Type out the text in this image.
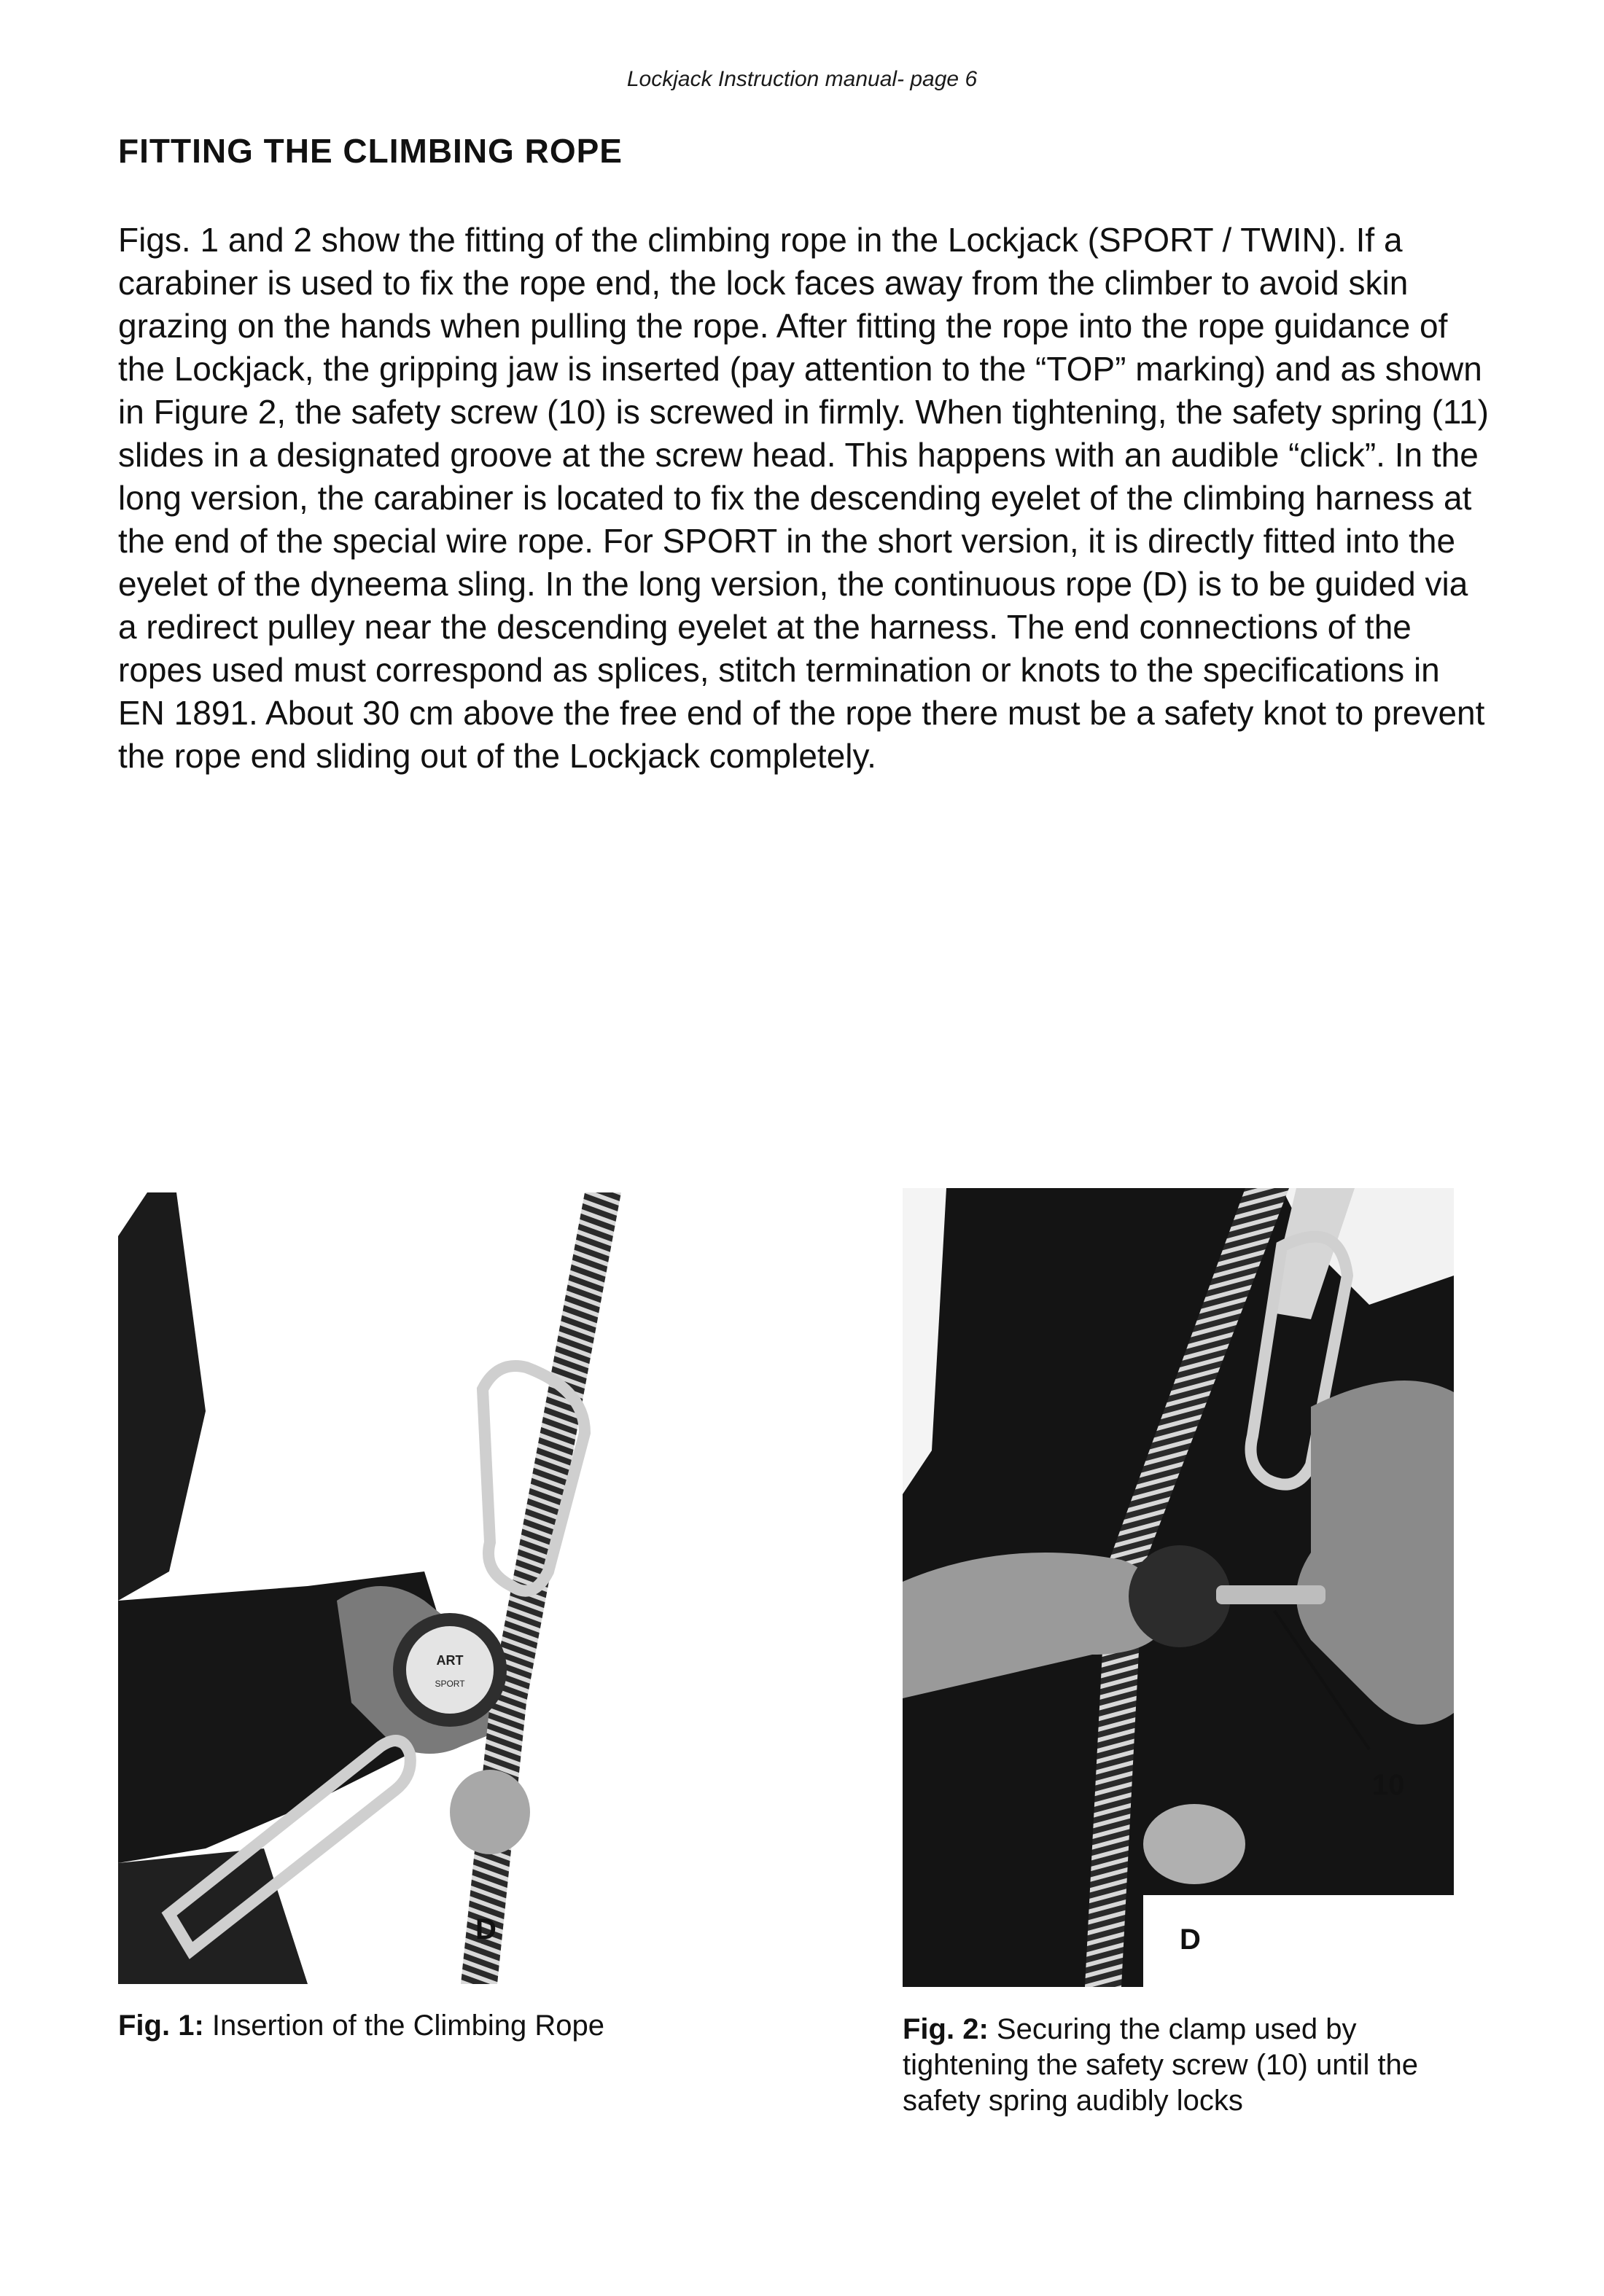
Lockjack Instruction manual- page 6
FITTING THE CLIMBING ROPE

Figs. 1 and 2 show the fitting of the climbing rope in the Lockjack (SPORT / TWIN). If a carabiner is used to fix the rope end, the lock faces away from the climber to avoid skin grazing on the hands when pulling the rope. After fitting the rope into the rope guidance of the Lockjack, the gripping jaw is inserted (pay attention to the “TOP” marking) and as shown in Figure 2, the safety screw (10) is screwed in firmly. When tightening, the safety spring (11) slides in a designated groove at the screw head. This happens with an audible “click”. In the long version, the carabiner is located to fix the descending eyelet of the climbing harness at the end of the special wire rope. For SPORT in the short version, it is directly fitted into the eyelet of the dyneema sling. In the long version, the continuous rope (D) is to be guided via a redirect pulley near the descending eyelet at the harness. The end connections of the ropes used must correspond as splices, stitch termination or knots to the specifications in EN 1891. About 30 cm above the free end of the rope there must be a safety knot to prevent the rope end sliding out of the Lockjack completely.

ART
SPORT
D
10
D

Fig. 1: Insertion of the Climbing Rope	Fig. 2: Securing the clamp used by tightening the safety screw (10) until the safety spring audibly locks
